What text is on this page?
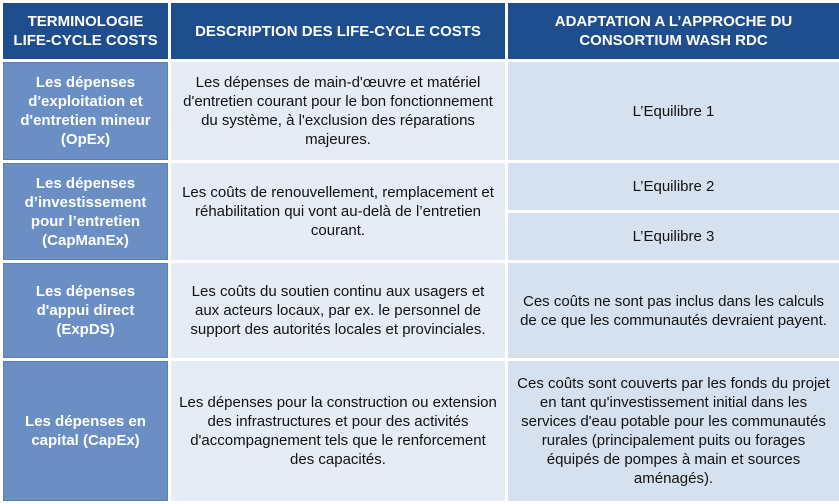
TERMINOLOGIE LIFE-CYCLE COSTS	DESCRIPTION DES LIFE-CYCLE COSTS	ADAPTATION A L’APPROCHE DU CONSORTIUM WASH RDC
Les dépenses d'exploitation et d'entretien mineur (OpEx)	Les dépenses de main-d'œuvre et matériel d'entretien courant pour le bon fonctionnement du système, à l'exclusion des réparations majeures.	L’Equilibre 1
Les dépenses d’investissement pour l’entretien (CapManEx)	Les coûts de renouvellement, remplacement et réhabilitation qui vont au-delà de l’entretien courant.	L’Equilibre 2
		L’Equilibre 3
Les dépenses d'appui direct (ExpDS)	Les coûts du soutien continu aux usagers et aux acteurs locaux, par ex. le personnel de support des autorités locales et provinciales.	Ces coûts ne sont pas inclus dans les calculs de ce que les communautés devraient payent.
Les dépenses en capital (CapEx)	Les dépenses pour la construction ou extension des infrastructures et pour des activités d'accompagnement tels que le renforcement des capacités.	Ces coûts sont couverts par les fonds du projet en tant qu'investissement initial dans les services d'eau potable pour les communautés rurales (principalement puits ou forages équipés de pompes à main et sources aménagés).
